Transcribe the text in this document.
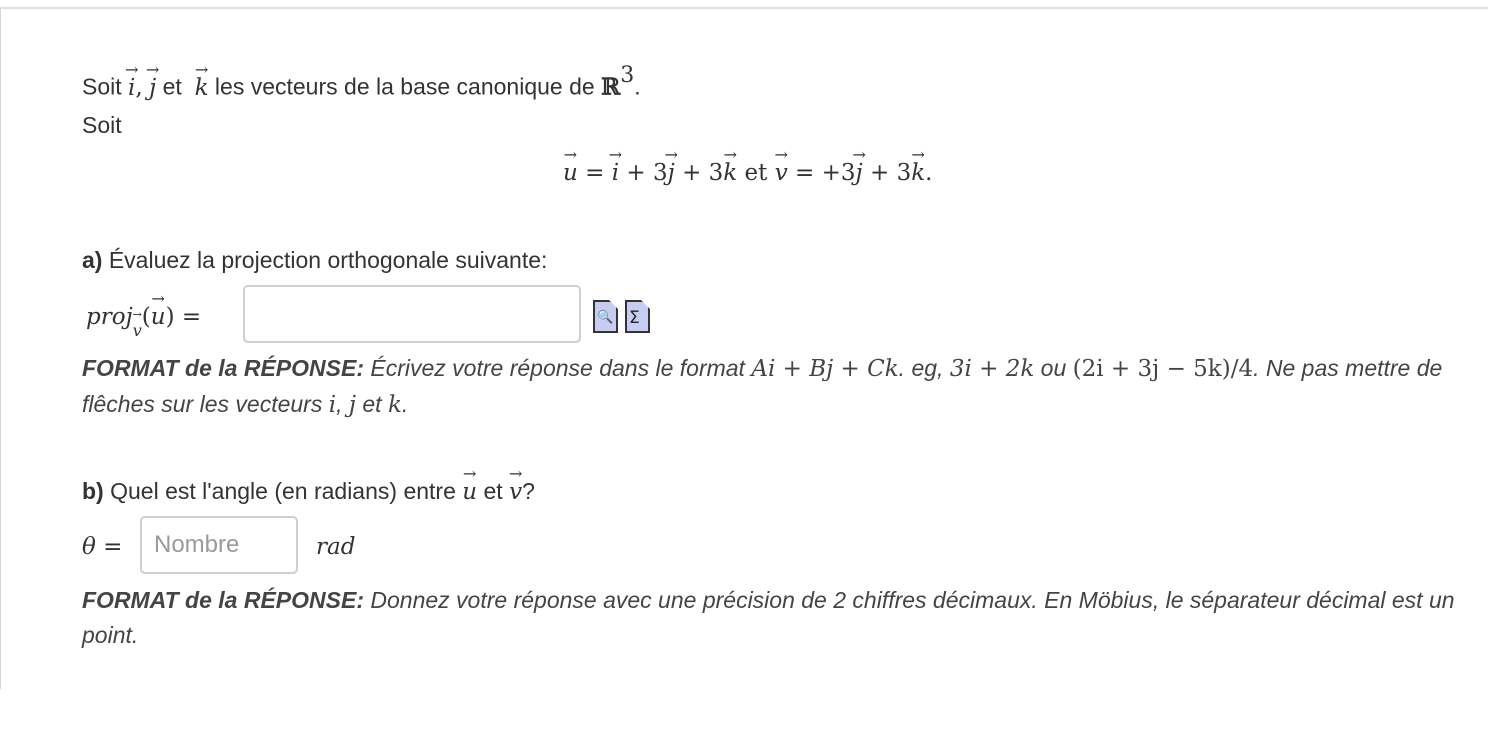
Soit → i, → j et → k les vecteurs de la base canonique de ℝ$^3$.
Soit
→ u = → i + 3→ j + 3→ k et → v = +3→ j + 3→ k.
a) Évaluez la projection orthogonale suivante:
proj→ $_v$(→ u) =	🔍 Σ
FORMAT de la RÉPONSE: Écrivez votre réponse dans le format Ai + Bj + Ck. eg, 3i + 2k ou (2i + 3j − 5k)/4. Ne pas mettre de flêches sur les vecteurs i, j et k.
b) Quel est l'angle (en radians) entre → u et → v?
θ =
Nombre	rad
FORMAT de la RÉPONSE: Donnez votre réponse avec une précision de 2 chiffres décimaux. En Möbius, le séparateur décimal est un point.
